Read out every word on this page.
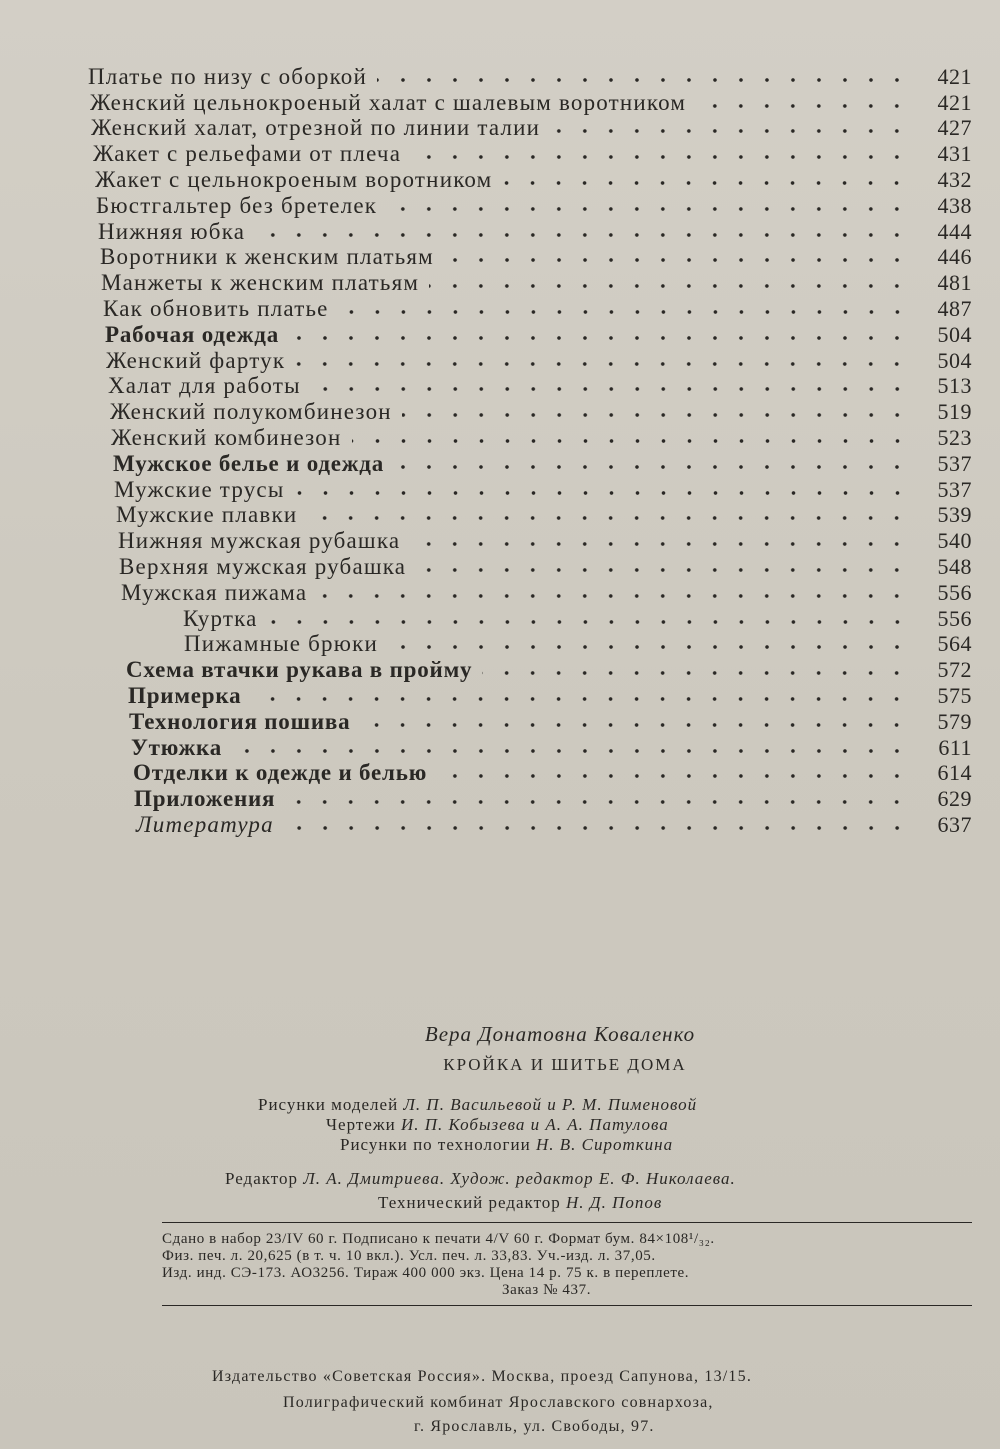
Платье по низу с оборкой	421
Женский цельнокроеный халат с шалевым воротником	421
Женский халат, отрезной по линии талии	427
Жакет с рельефами от плеча	431
Жакет с цельнокроеным воротником	432
Бюстгальтер без бретелек	438
Нижняя юбка	444
Воротники к женским платьям	446
Манжеты к женским платьям	481
Как обновить платье	487
Рабочая одежда	504
Женский фартук	504
Халат для работы	513
Женский полукомбинезон	519
Женский комбинезон	523
Мужское белье и одежда	537
Мужские трусы	537
Мужские плавки	539
Нижняя мужская рубашка	540
Верхняя мужская рубашка	548
Мужская пижама	556
Куртка	556
Пижамные брюки	564
Схема втачки рукава в пройму	572
Примерка	575
Технология пошива	579
Утюжка	611
Отделки к одежде и белью	614
Приложения	629
Литература	637
Вера Донатовна Коваленко
КРОЙКА И ШИТЬЕ ДОМА
Рисунки моделей Л. П. Васильевой и Р. М. Пименовой
Чертежи И. П. Кобызева и А. А. Патулова
Рисунки по технологии Н. В. Сироткина
Редактор Л. А. Дмитриева. Худож. редактор Е. Ф. Николаева.
Технический редактор Н. Д. Попов
Сдано в набор 23/IV 60 г. Подписано к печати 4/V 60 г. Формат бум. 84×108¹/₃₂.
Физ. печ. л. 20,625 (в т. ч. 10 вкл.). Усл. печ. л. 33,83. Уч.-изд. л. 37,05.
Изд. инд. СЭ-173. АО3256. Тираж 400 000 экз. Цена 14 р. 75 к. в переплете.
Заказ № 437.
Издательство «Советская Россия». Москва, проезд Сапунова, 13/15.
Полиграфический комбинат Ярославского совнархоза,
г. Ярославль, ул. Свободы, 97.
